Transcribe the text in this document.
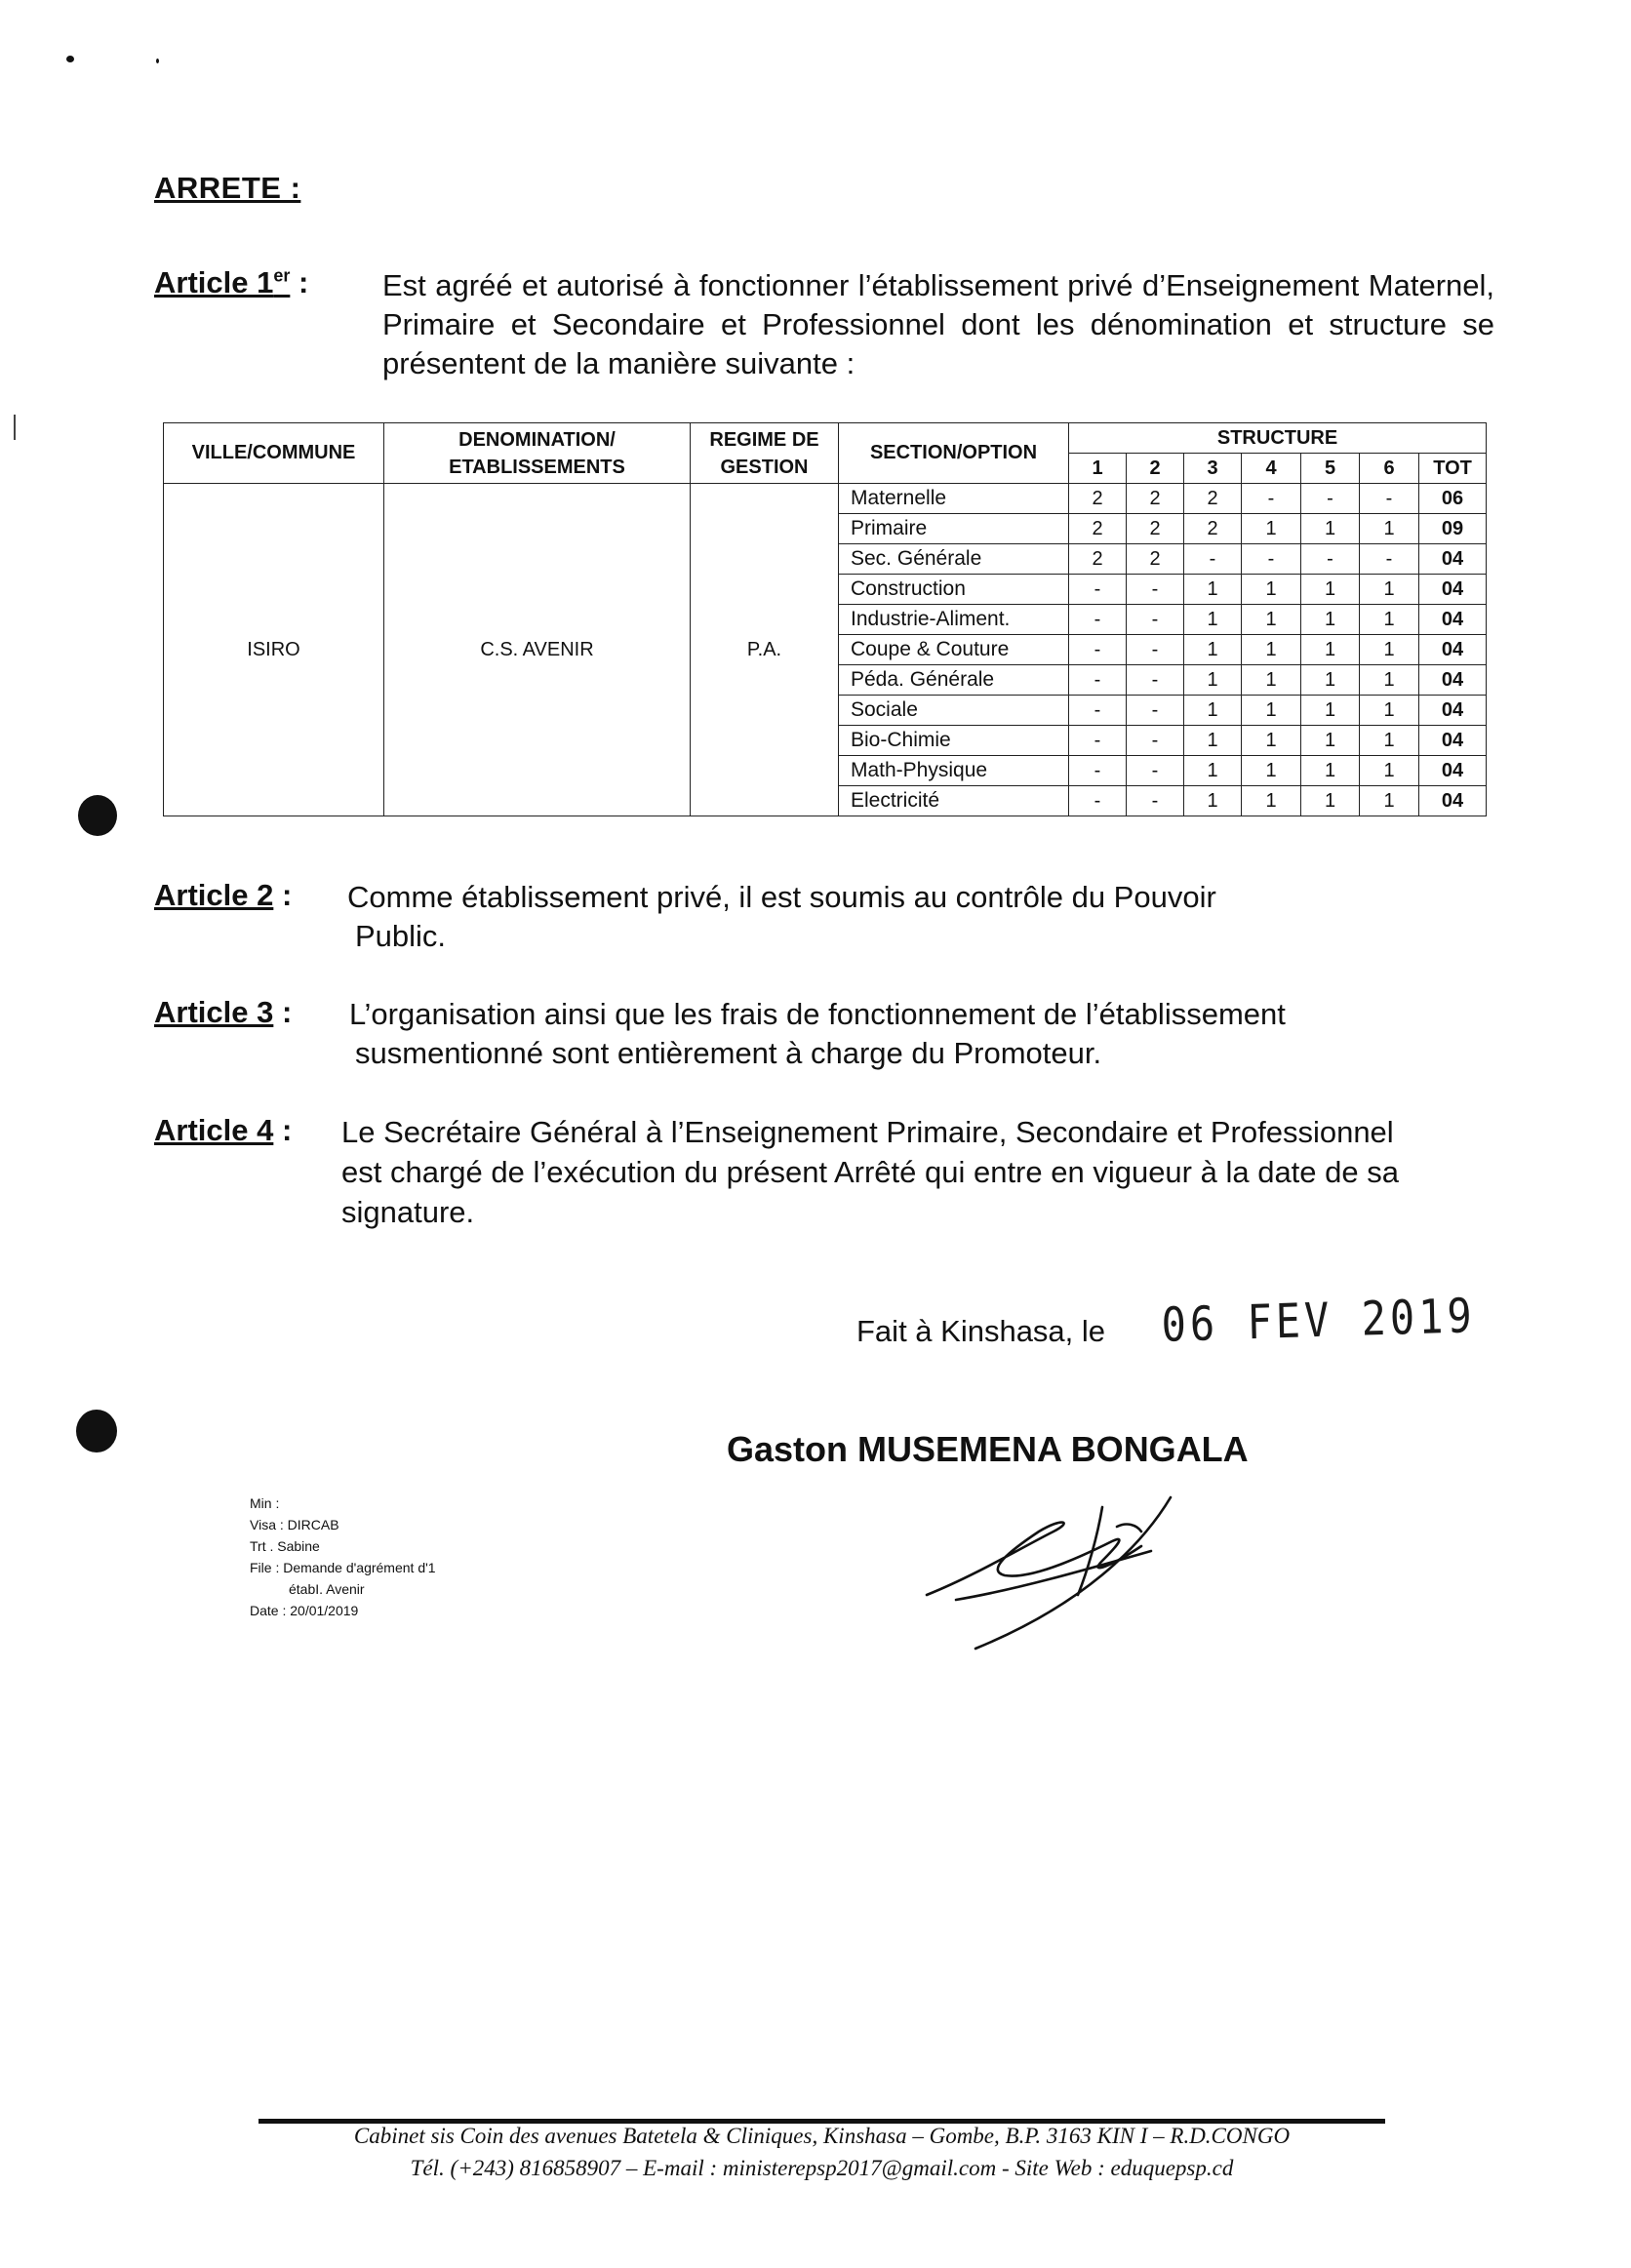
ARRETE :
Article 1er : Est agréé et autorisé à fonctionner l’établissement privé d’Enseignement Maternel, Primaire et Secondaire et Professionnel dont les dénomination et structure se présentent de la manière suivante :
VILLE/COMMUNE	DENOMINATION/ ETABLISSEMENTS	REGIME DE GESTION	SECTION/OPTION	STRUCTURE						
				1	2	3	4	5	6	TOT
ISIRO	C.S. AVENIR	P.A.	Maternelle	2	2	2	-	-	-	06
			Primaire	2	2	2	1	1	1	09
			Sec. Générale	2	2	-	-	-	-	04
			Construction	-	-	1	1	1	1	04
			Industrie-Aliment.	-	-	1	1	1	1	04
			Coupe & Couture	-	-	1	1	1	1	04
			Péda. Générale	-	-	1	1	1	1	04
			Sociale	-	-	1	1	1	1	04
			Bio-Chimie	-	-	1	1	1	1	04
			Math-Physique	-	-	1	1	1	1	04
			Electricité	-	-	1	1	1	1	04
Article 2 : Comme établissement privé, il est soumis au contrôle du Pouvoir
Public.
Article 3 : L’organisation ainsi que les frais de fonctionnement de l’établissement
susmentionné sont entièrement à charge du Promoteur.
Article 4 : Le Secrétaire Général à l’Enseignement Primaire, Secondaire et Professionnel
est chargé de l’exécution du présent Arrêté qui entre en vigueur à la date de sa
signature.
Fait à Kinshasa, le 06 FEV 2019
Gaston MUSEMENA BONGALA
Min :
Visa : DIRCAB
Trt . Sabine
File : Demande d'agrément d'1
étabI. Avenir
Date : 20/01/2019
Cabinet sis Coin des avenues Batetela & Cliniques, Kinshasa – Gombe, B.P. 3163 KIN I – R.D.CONGO
Tél. (+243) 816858907 – E-mail : ministerepsp2017@gmail.com - Site Web : eduquepsp.cd
